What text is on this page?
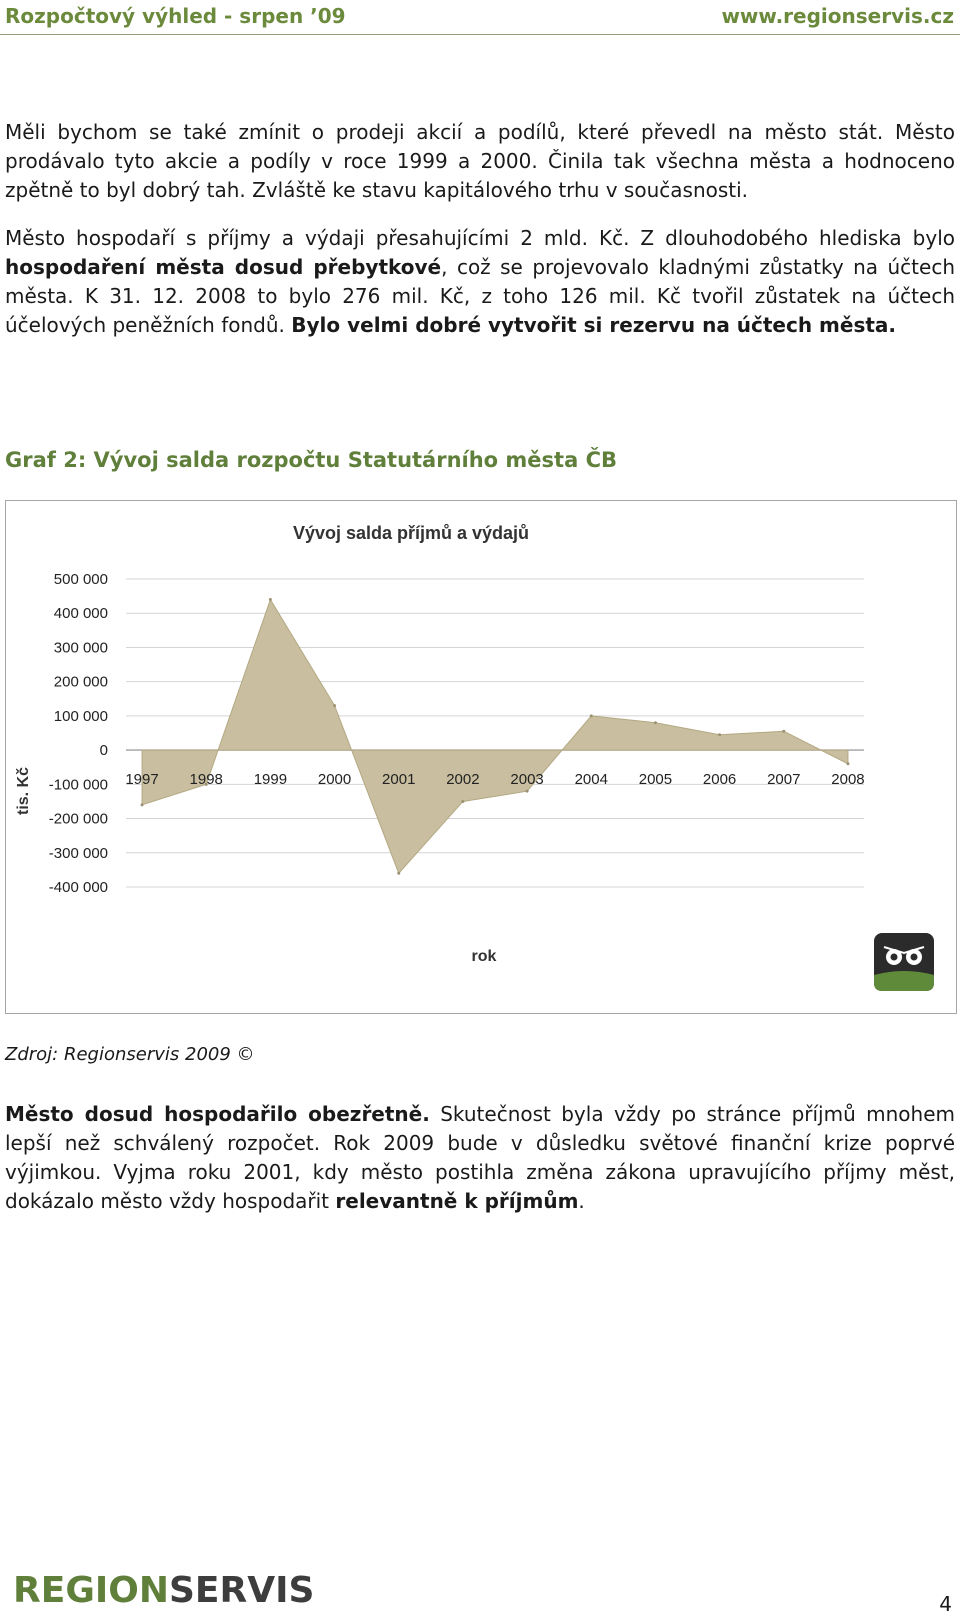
Rozpočtový výhled - srpen ’09	www.regionservis.cz
Měli bychom se také zmínit o prodeji akcií a podílů, které převedl na město stát. Město prodávalo tyto akcie a podíly v roce 1999 a 2000. Činila tak všechna města a hodnoceno zpětně to byl dobrý tah. Zvláště ke stavu kapitálového trhu v současnosti.
Město hospodaří s příjmy a výdaji přesahujícími 2 mld. Kč. Z dlouhodobého hlediska bylo hospodaření města dosud přebytkové, což se projevovalo kladnými zůstatky na účtech města. K 31. 12. 2008 to bylo 276 mil. Kč, z toho 126 mil. Kč tvořil zůstatek na účtech účelových peněžních fondů. Bylo velmi dobré vytvořit si rezervu na účtech města.
Graf 2: Vývoj salda rozpočtu Statutárního města ČB
Vývoj salda příjmů a výdajů
500 000
400 000
300 000
200 000
100 000
0
-100 000
-200 000
-300 000
-400 000
1997 1998 1999 2000 2001 2002 2003 2004 2005 2006 2007 2008
tis. Kč
rok
Zdroj: Regionservis 2009 ©
Město dosud hospodařilo obezřetně. Skutečnost byla vždy po stránce příjmů mnohem lepší než schválený rozpočet. Rok 2009 bude v důsledku světové finanční krize poprvé výjimkou. Vyjma roku 2001, kdy město postihla změna zákona upravujícího příjmy měst, dokázalo město vždy hospodařit relevantně k příjmům.
REGIONSERVIS	4
